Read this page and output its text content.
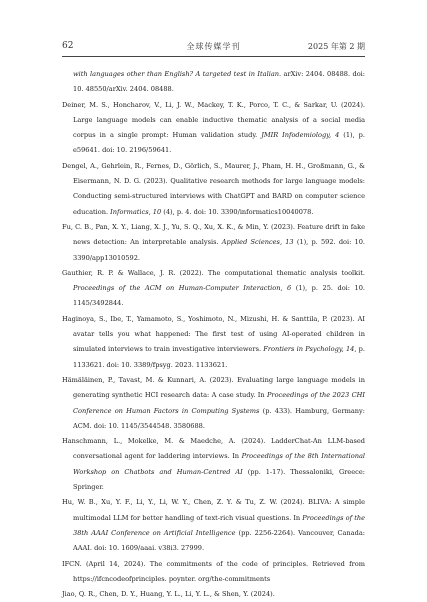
62	全球传媒学刊	2025 年第 2 期

with languages other than English? A targeted test in Italian. arXiv: 2404. 08488. doi: 10. 48550/arXiv. 2404. 08488.

Deiner, M. S., Honcharov, V., Li, J. W., Mackey, T. K., Porco, T. C., & Sarkar, U. (2024). Large language models can enable inductive thematic analysis of a social media corpus in a single prompt: Human validation study. JMIR Infodemiology, 4 (1), p. e59641. doi: 10. 2196/59641.

Dengel, A., Gehrlein, R., Fernes, D., Görlich, S., Maurer, J., Pham, H. H., Großmann, G., & Eisermann, N. D. G. (2023). Qualitative research methods for large language models: Conducting semi-structured interviews with ChatGPT and BARD on computer science education. Informatics, 10 (4), p. 4. doi: 10. 3390/informatics10040078.

Fu, C. B., Pan, X. Y., Liang, X. J., Yu, S. Q., Xu, X. K., & Min, Y. (2023). Feature drift in fake news detection: An interpretable analysis. Applied Sciences, 13 (1), p. 592. doi: 10. 3390/app13010592.

Gauthier, R. P. & Wallace, J. R. (2022). The computational thematic analysis toolkit. Proceedings of the ACM on Human-Computer Interaction, 6 (1), p. 25. doi: 10. 1145/3492844.

Haginoya, S., Ibe, T., Yamamoto, S., Yoshimoto, N., Mizushi, H. & Santtila, P. (2023). AI avatar tells you what happened: The first test of using AI-operated children in simulated interviews to train investigative interviewers. Frontiers in Psychology, 14, p. 1133621. doi: 10. 3389/fpsyg. 2023. 1133621.

Hämäläinen, P., Tavast, M. & Kunnari, A. (2023). Evaluating large language models in generating synthetic HCI research data: A case study. In Proceedings of the 2023 CHI Conference on Human Factors in Computing Systems (p. 433). Hamburg, Germany: ACM. doi: 10. 1145/3544548. 3580688.

Hanschmann, L., Mokelke, M. & Maedche, A. (2024). LadderChat-An LLM-based conversational agent for laddering interviews. In Proceedings of the 8th International Workshop on Chatbots and Human-Centred AI (pp. 1-17). Thessaloniki, Greece: Springer.

Hu, W. B., Xu, Y. F., Li, Y., Li, W. Y., Chen, Z. Y. & Tu, Z. W. (2024). BLIVA: A simple multimodal LLM for better handling of text-rich visual questions. In Proceedings of the 38th AAAI Conference on Artificial Intelligence (pp. 2256-2264). Vancouver, Canada: AAAI. doi: 10. 1609/aaai. v38i3. 27999.

IFCN. (April 14, 2024). The commitments of the code of principles. Retrieved from https://ifcncodeofprinciples. poynter. org/the-commitments

Jiao, Q. R., Chen, D. Y., Huang, Y. L., Li, Y. L., & Shen, Y. (2024).
